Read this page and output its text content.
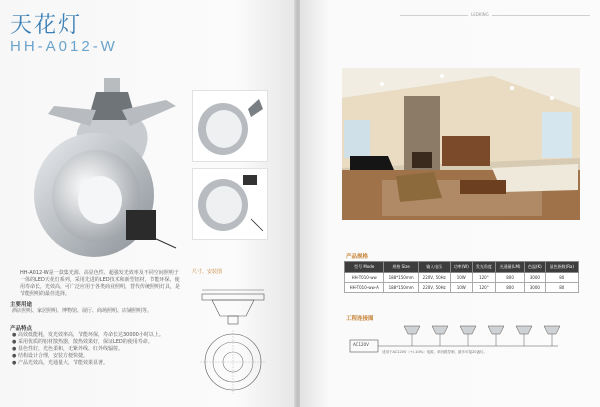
天花灯
HH-A012-W
尺寸、安装图
HH-A012-W是一款集光源、高显色性、超强发光效率及不同空间照明于一体的LED天花灯系列，采用先进的LED技术和新型铝材，节能环保，使用寿命长，光效高，可广泛应用于各类商业照明，替代传统照明灯具，是节能照明的最佳选择。
主要用途
酒店照明、家居照明、博物馆、展厅、商场照明、店铺照明等。
产品特点
● 高效低能耗，发光效率高，节能环保，寿命长达30000小时以上。
● 采用优质的铝材散热器，散热效果好，保证LED的使用寿命。
● 显色性好，光色柔和，无紫外线、红外线辐射。
● 结构设计合理，安装方便快捷。
● 产品光效高，光通量大，节能效果显著。
LEDKING
产品规格
型号 Mode	规格 Size	输入电压	功率(W)	发光角度	光通量(LM)	色温(K)	显色指数(Ra)
HH-T010-ww	188*150mm	220V, 50Hz	10W	120°	800	3000	80
HH-T010-ww-A	188*150mm	220V, 50Hz	10W	120°	800	3000	80
工程连接图
AC120V
适用于AC120V（+/-10%）电源，单回路控制，最多可接20盏灯。
